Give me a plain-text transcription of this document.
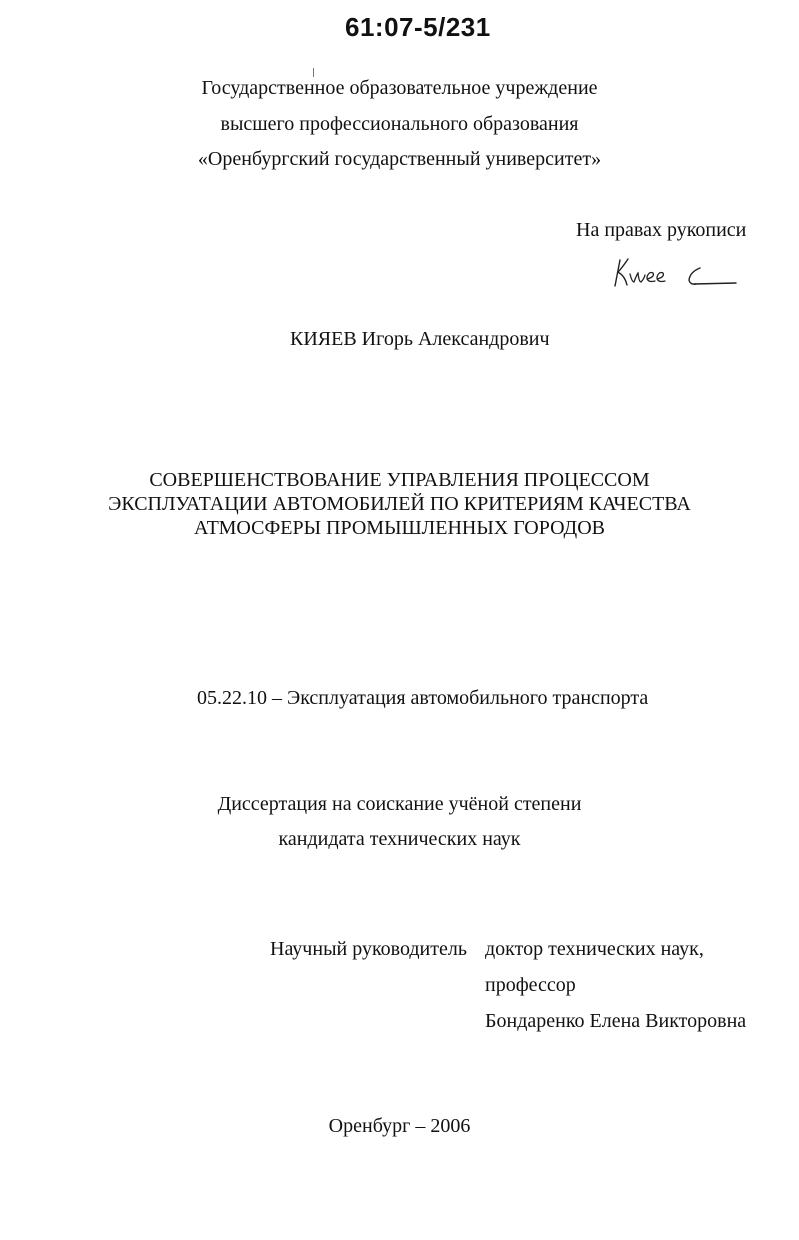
61:07-5/231
Государственное образовательное учреждение
высшего профессионального образования
«Оренбургский государственный университет»
На правах рукописи
КИЯЕВ Игорь Александрович
СОВЕРШЕНСТВОВАНИЕ УПРАВЛЕНИЯ ПРОЦЕССОМ
ЭКСПЛУАТАЦИИ АВТОМОБИЛЕЙ ПО КРИТЕРИЯМ КАЧЕСТВА
АТМОСФЕРЫ ПРОМЫШЛЕННЫХ ГОРОДОВ
05.22.10 – Эксплуатация автомобильного транспорта
Диссертация на соискание учёной степени
кандидата технических наук
Научный руководитель доктор технических наук,
профессор
Бондаренко Елена Викторовна
Оренбург – 2006
